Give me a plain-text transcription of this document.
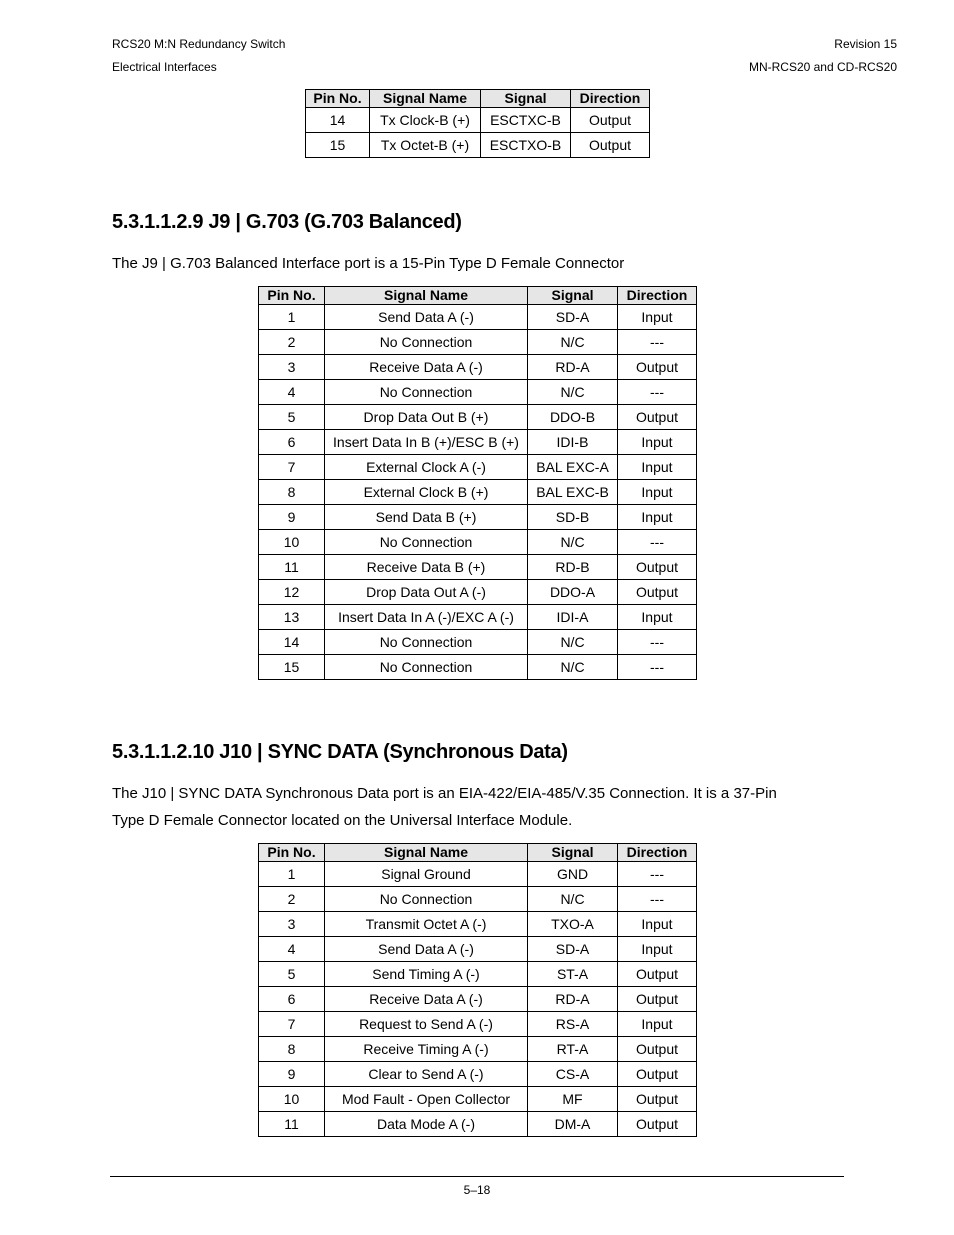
RCS20 M:N Redundancy Switch
Electrical Interfaces
Revision 15
MN-RCS20 and CD-RCS20
Pin No.	Signal Name	Signal	Direction
14	Tx Clock-B (+)	ESCTXC-B	Output
15	Tx Octet-B (+)	ESCTXO-B	Output
5.3.1.1.2.9 J9 | G.703 (G.703 Balanced)

The J9 | G.703 Balanced Interface port is a 15-Pin Type D Female Connector

Pin No.	Signal Name	Signal	Direction
1	Send Data A (-)	SD-A	Input
2	No Connection	N/C	---
3	Receive Data A (-)	RD-A	Output
4	No Connection	N/C	---
5	Drop Data Out B (+)	DDO-B	Output
6	Insert Data In B (+)/ESC B (+)	IDI-B	Input
7	External Clock A (-)	BAL EXC-A	Input
8	External Clock B (+)	BAL EXC-B	Input
9	Send Data B (+)	SD-B	Input
10	No Connection	N/C	---
11	Receive Data B (+)	RD-B	Output
12	Drop Data Out A (-)	DDO-A	Output
13	Insert Data In A (-)/EXC A (-)	IDI-A	Input
14	No Connection	N/C	---
15	No Connection	N/C	---
5.3.1.1.2.10 J10 | SYNC DATA (Synchronous Data)

The J10 | SYNC DATA Synchronous Data port is an EIA-422/EIA-485/V.35 Connection. It is a 37-Pin

Type D Female Connector located on the Universal Interface Module.

Pin No.	Signal Name	Signal	Direction
1	Signal Ground	GND	---
2	No Connection	N/C	---
3	Transmit Octet A (-)	TXO-A	Input
4	Send Data A (-)	SD-A	Input
5	Send Timing A (-)	ST-A	Output
6	Receive Data A (-)	RD-A	Output
7	Request to Send A (-)	RS-A	Input
8	Receive Timing A (-)	RT-A	Output
9	Clear to Send A (-)	CS-A	Output
10	Mod Fault - Open Collector	MF	Output
11	Data Mode A (-)	DM-A	Output
5–18
